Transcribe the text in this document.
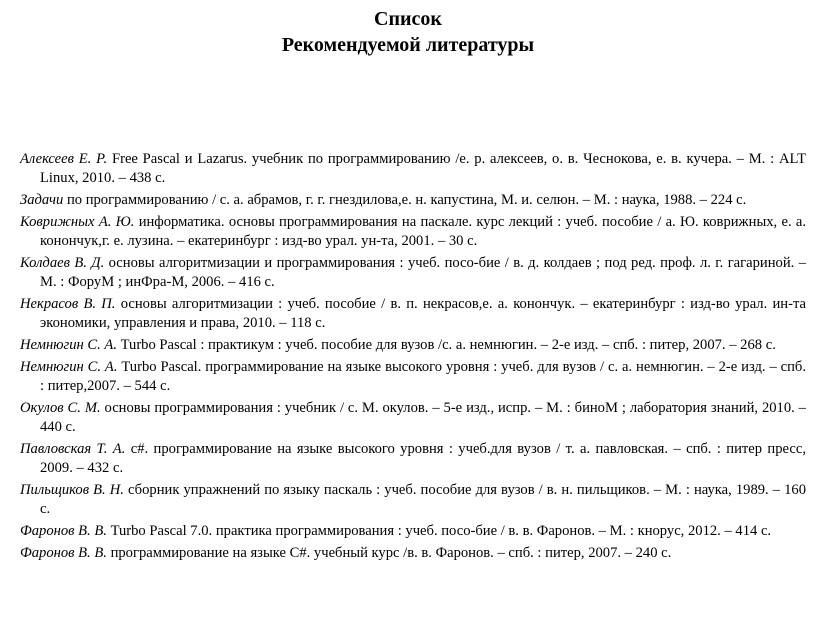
Список
Рекомендуемой литературы

Алексеев Е. Р. Free Pascal и Lazarus. учебник по программированию /е. р. алексеев, о. в. Чеснокова, е. в. кучера. – М. : ALT Linux, 2010. – 438 с.

Задачи по программированию / с. а. абрамов, г. г. гнездилова,е. н. капустина, М. и. селюн. – М. : наука, 1988. – 224 с.

Коврижных А. Ю. информатика. основы программирования на паскале. курс лекций : учеб. пособие / а. Ю. коврижных, е. а. конончук,г. е. лузина. – екатеринбург : изд-во урал. ун-та, 2001. – 30 с.

Колдаев В. Д. основы алгоритмизации и программирования : учеб. посо-бие / в. д. колдаев ; под ред. проф. л. г. гагариной. – М. : ФоруМ ; инФра-М, 2006. – 416 с.

Некрасов В. П. основы алгоритмизации : учеб. пособие / в. п. некрасов,е. а. конончук. – екатеринбург : изд-во урал. ин-та экономики, управления и права, 2010. – 118 с.

Немнюгин С. А. Turbo Pascal : практикум : учеб. пособие для вузов /с. а. немнюгин. – 2-е изд. – спб. : питер, 2007. – 268 с.

Немнюгин С. А. Turbo Pascal. программирование на языке высокого уровня : учеб. для вузов / с. а. немнюгин. – 2-е изд. – спб. : питер,2007. – 544 с.

Окулов С. М. основы программирования : учебник / с. М. окулов. – 5-е изд., испр. – М. : биноМ ; лаборатория знаний, 2010. – 440 с.

Павловская Т. А. c#. программирование на языке высокого уровня : учеб.для вузов / т. а. павловская. – спб. : питер пресс, 2009. – 432 с.

Пильщиков В. Н. сборник упражнений по языку паскаль : учеб. пособие для вузов / в. н. пильщиков. – М. : наука, 1989. – 160 с.

Фаронов В. В. Turbo Pascal 7.0. практика программирования : учеб. посо-бие / в. в. Фаронов. – М. : кнорус, 2012. – 414 с.

Фаронов В. В. программирование на языке C#. учебный курс /в. в. Фаронов. – спб. : питер, 2007. – 240 с.
